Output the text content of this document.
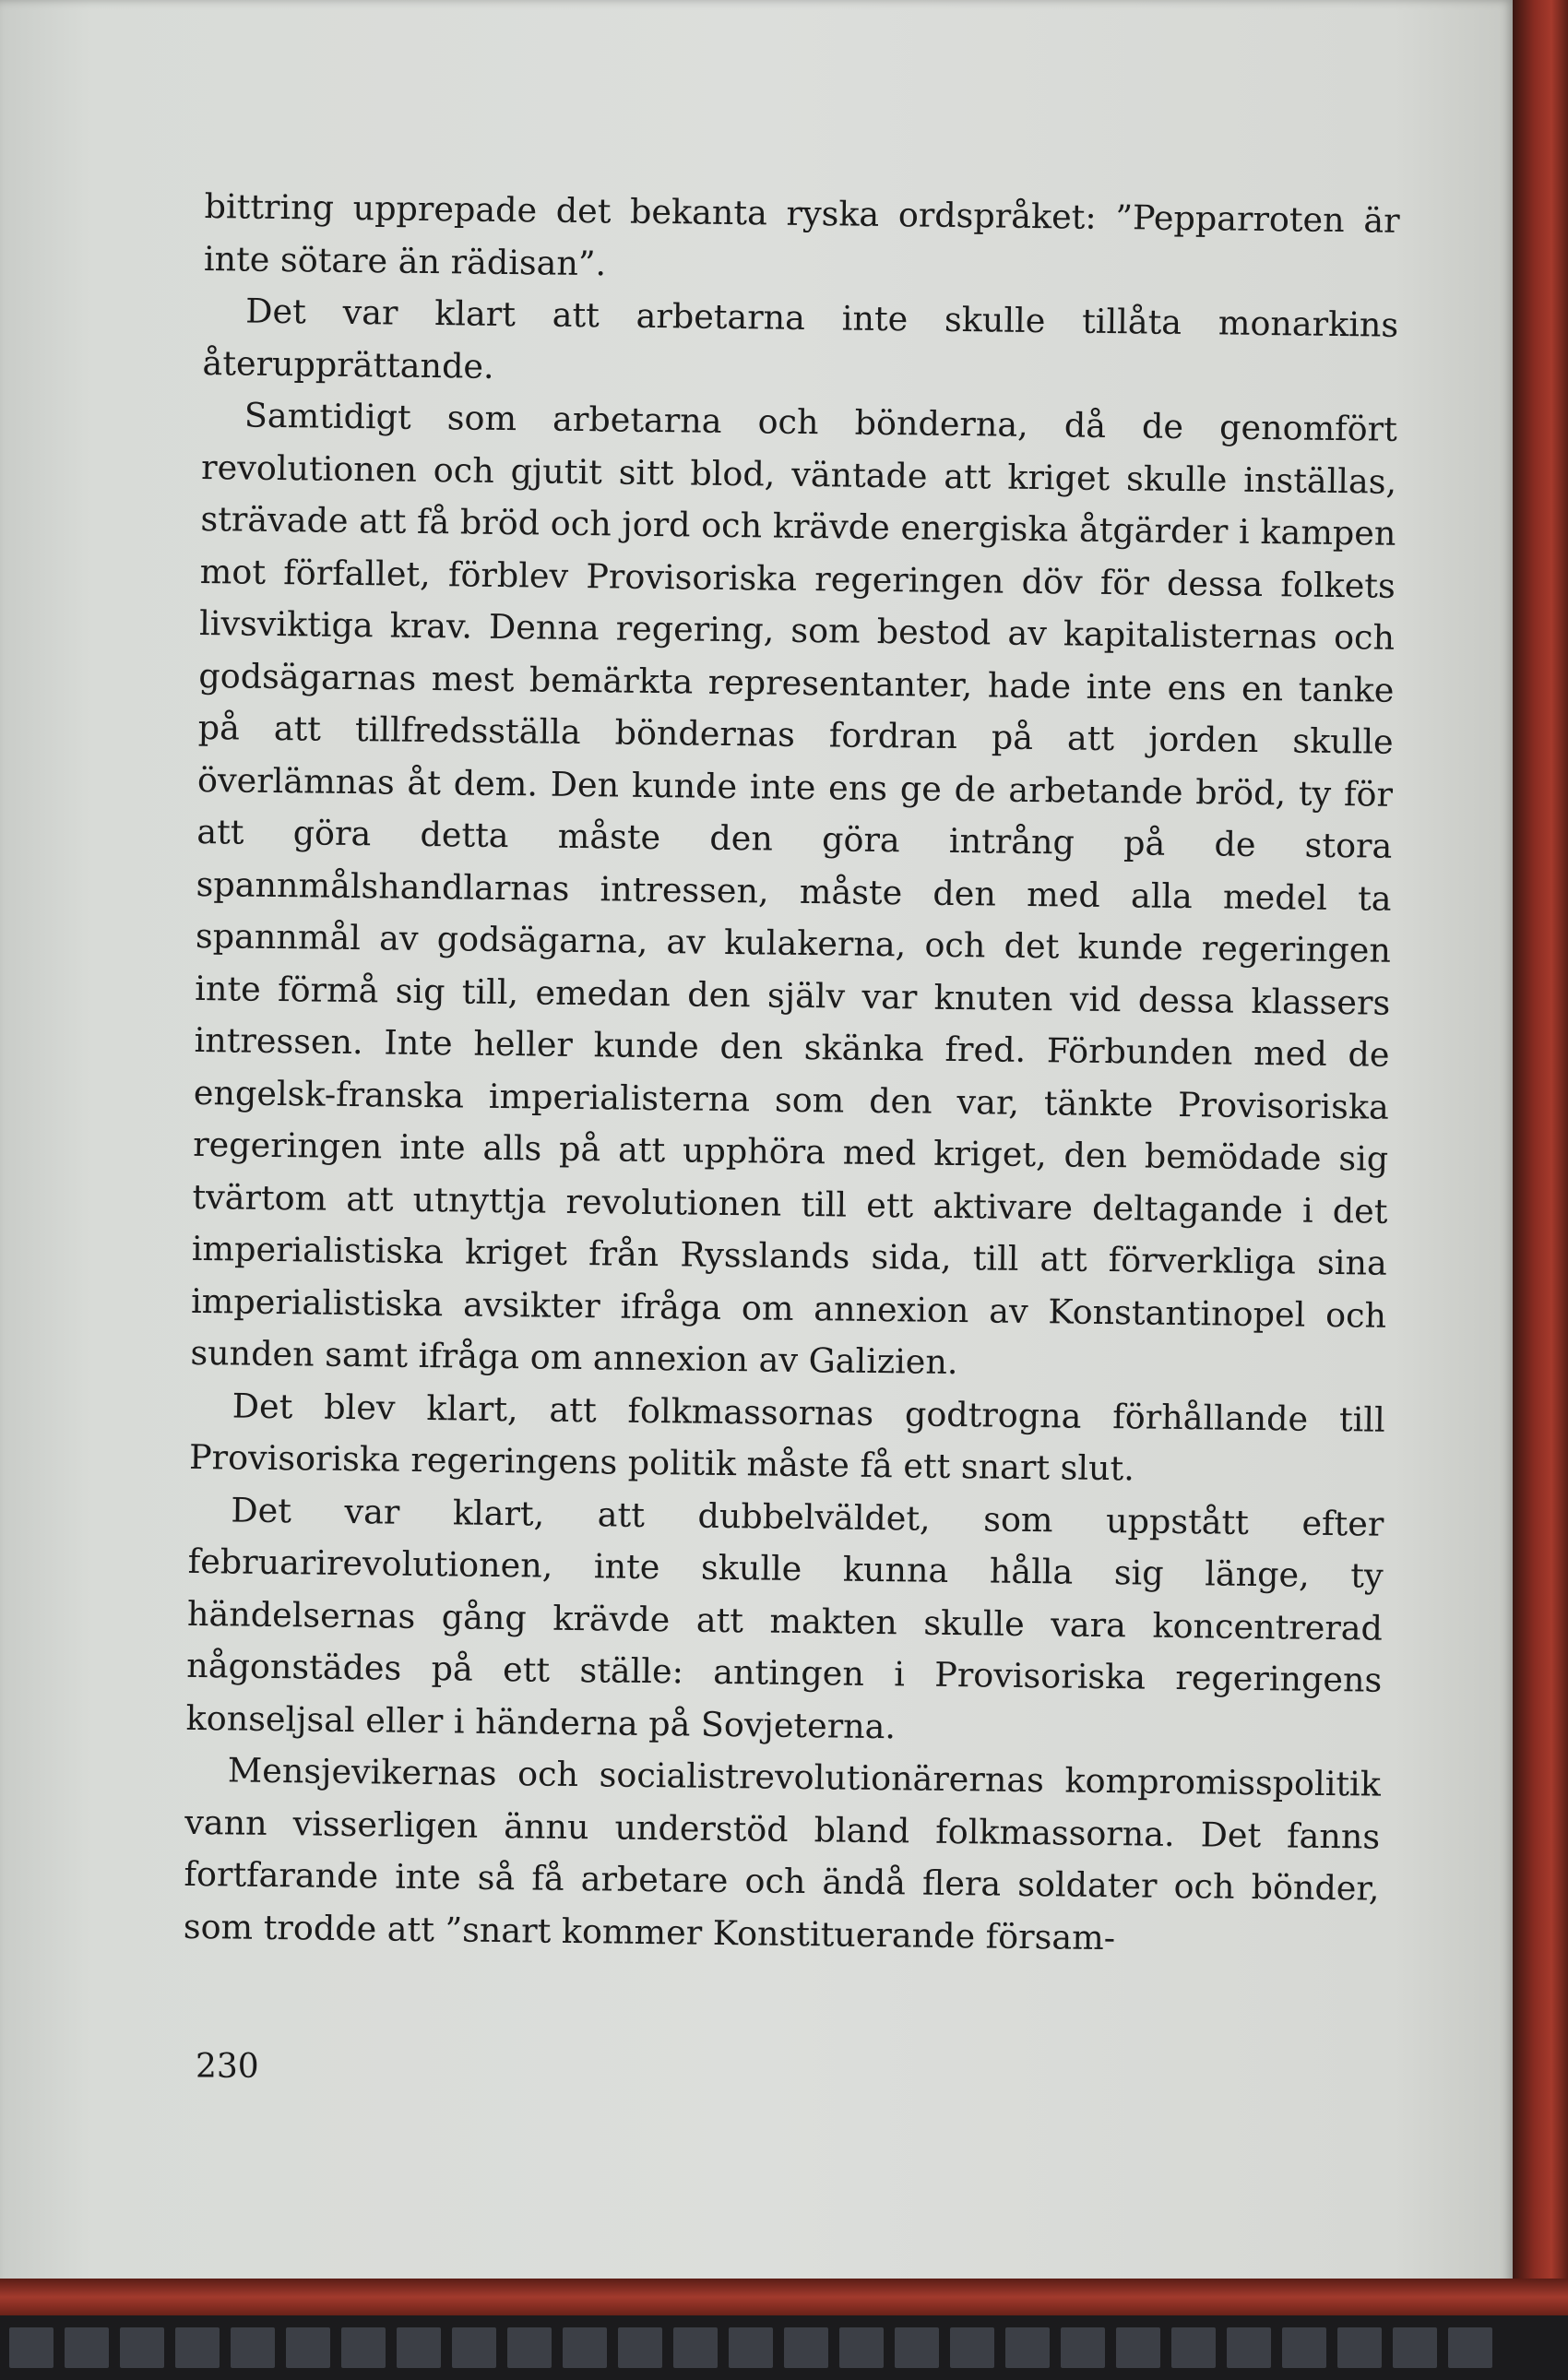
bittring upprepade det bekanta ryska ordspråket: ”Pepparroten är inte sötare än rädisan”.

Det var klart att arbetarna inte skulle tillåta monarkins återupprättande.

Samtidigt som arbetarna och bönderna, då de genomfört revolutionen och gjutit sitt blod, väntade att kriget skulle inställas, strävade att få bröd och jord och krävde energiska åtgärder i kampen mot förfallet, förblev Provisoriska regeringen döv för dessa folkets livsviktiga krav. Denna regering, som bestod av kapitalisternas och godsägarnas mest bemärkta representanter, hade inte ens en tanke på att tillfredsställa böndernas fordran på att jorden skulle överlämnas åt dem. Den kunde inte ens ge de arbetande bröd, ty för att göra detta måste den göra intrång på de stora spannmålshandlarnas intressen, måste den med alla medel ta spannmål av godsägarna, av kulakerna, och det kunde regeringen inte förmå sig till, emedan den själv var knuten vid dessa klassers intressen. Inte heller kunde den skänka fred. Förbunden med de engelsk-franska imperialisterna som den var, tänkte Provisoriska regeringen inte alls på att upphöra med kriget, den bemödade sig tvärtom att utnyttja revolutionen till ett aktivare deltagande i det imperialistiska kriget från Rysslands sida, till att förverkliga sina imperialistiska avsikter ifråga om annexion av Konstantinopel och sunden samt ifråga om annexion av Galizien.

Det blev klart, att folkmassornas godtrogna förhållande till Provisoriska regeringens politik måste få ett snart slut.

Det var klart, att dubbelväldet, som uppstått efter februarirevolutionen, inte skulle kunna hålla sig länge, ty händelsernas gång krävde att makten skulle vara koncentrerad någonstädes på ett ställe: antingen i Provisoriska regeringens konseljsal eller i händerna på Sovjeterna.

Mensjevikernas och socialistrevolutionärernas kompromisspolitik vann visserligen ännu understöd bland folkmassorna. Det fanns fortfarande inte så få arbetare och ändå flera soldater och bönder, som trodde att ”snart kommer Konstituerande försam-

230
